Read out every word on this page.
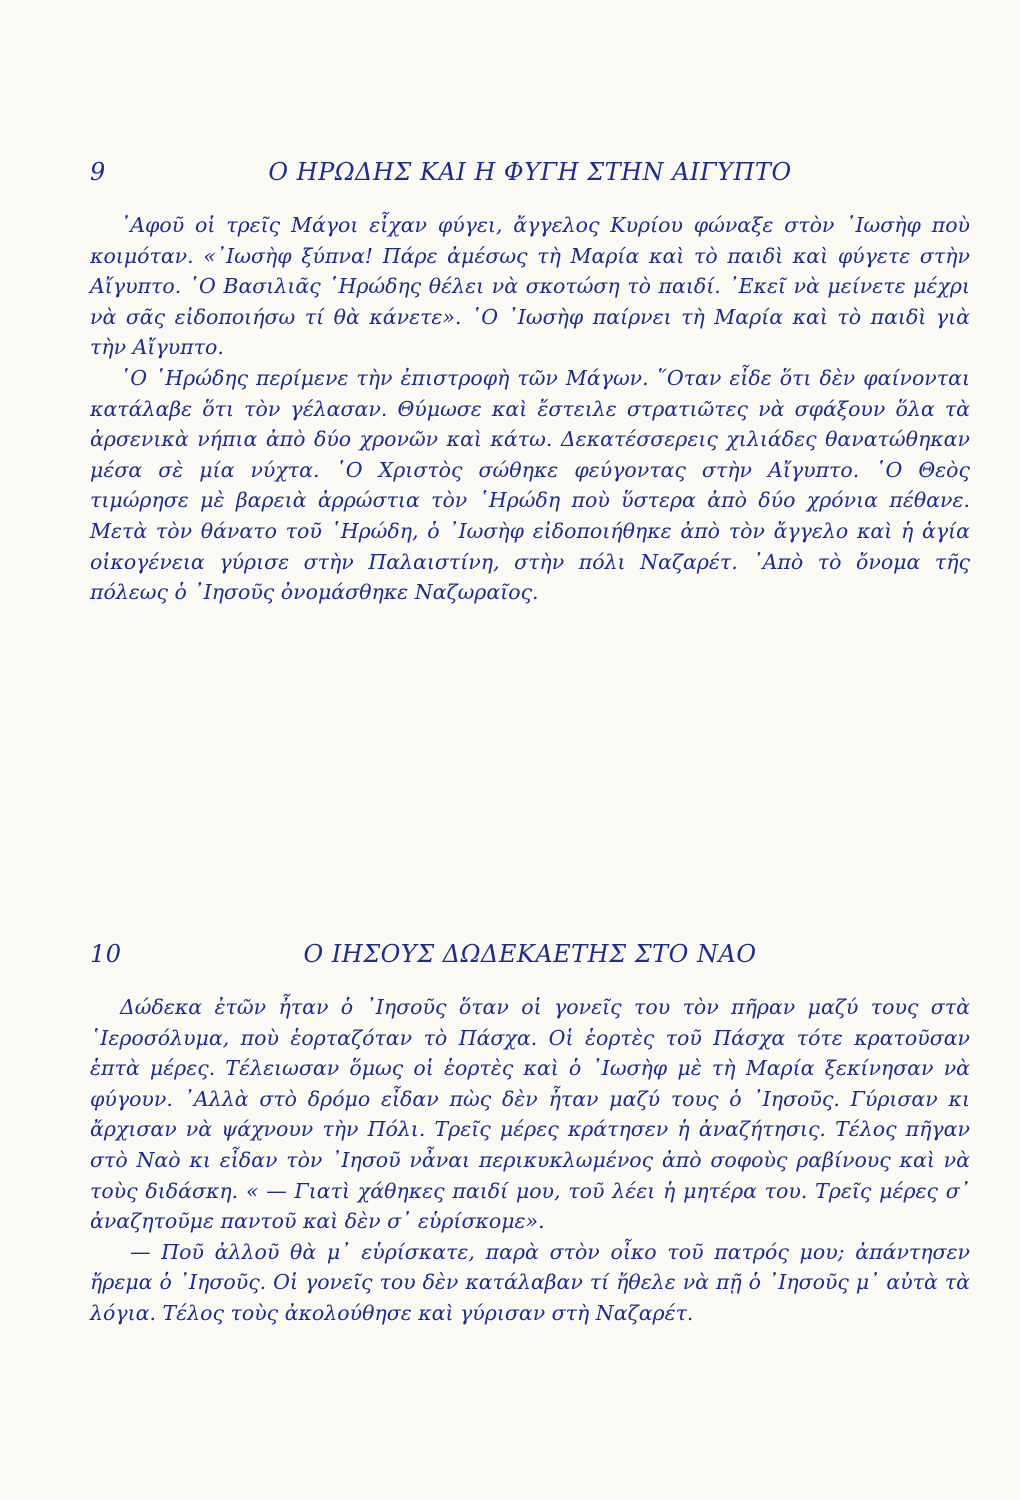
9	Ο ΗΡΩΔΗΣ ΚΑΙ Η ΦΥΓΗ ΣΤΗΝ ΑΙΓΥΠΤΟ

᾽Αφοῦ οἱ τρεῖς Μάγοι εἶχαν φύγει, ἄγγελος Κυρίου φώναξε στὸν ᾽Ιωσὴφ ποὺ κοιμόταν. «᾽Ιωσὴφ ξύπνα! Πάρε ἀμέσως τὴ Μαρία καὶ τὸ παιδὶ καὶ φύγετε στὴν Αἴγυπτο. ῾Ο Βασιλιᾶς ῾Ηρώδης θέλει νὰ σκοτώση τὸ παιδί. ᾽Εκεῖ νὰ μείνετε μέχρι νὰ σᾶς εἰδοποιήσω τί θὰ κάνετε». ῾Ο ᾽Ιωσὴφ παίρνει τὴ Μαρία καὶ τὸ παιδὶ γιὰ τὴν Αἴγυπτο.

῾Ο ῾Ηρώδης περίμενε τὴν ἐπιστροφὴ τῶν Μάγων. ῞Οταν εἶδε ὅτι δὲν φαίνονται κατάλαβε ὅτι τὸν γέλασαν. Θύμωσε καὶ ἔστειλε στρατιῶτες νὰ σφάξουν ὅλα τὰ ἀρσενικὰ νήπια ἀπὸ δύο χρονῶν καὶ κάτω. Δεκατέσσερεις χιλιάδες θανατώθηκαν μέσα σὲ μία νύχτα. ῾Ο Χριστὸς σώθηκε φεύγοντας στὴν Αἴγυπτο. ῾Ο Θεὸς τιμώρησε μὲ βαρειὰ ἀρρώστια τὸν ῾Ηρώδη ποὺ ὕστερα ἀπὸ δύο χρόνια πέθανε. Μετὰ τὸν θάνατο τοῦ ῾Ηρώδη, ὁ ᾽Ιωσὴφ εἰδοποιήθηκε ἀπὸ τὸν ἄγγελο καὶ ἡ ἁγία οἰκογένεια γύρισε στὴν Παλαιστίνη, στὴν πόλι Ναζαρέτ. ᾽Απὸ τὸ ὄνομα τῆς πόλεως ὁ ᾽Ιησοῦς ὀνομάσθηκε Ναζωραῖος.

10	Ο ΙΗΣΟΥΣ ΔΩΔΕΚΑΕΤΗΣ ΣΤΟ ΝΑΟ

Δώδεκα ἐτῶν ἦταν ὁ ᾽Ιησοῦς ὅταν οἱ γονεῖς του τὸν πῆραν μαζύ τους στὰ ῾Ιεροσόλυμα, ποὺ ἑορταζόταν τὸ Πάσχα. Οἱ ἑορτὲς τοῦ Πάσχα τότε κρατοῦσαν ἑπτὰ μέρες. Τέλειωσαν ὅμως οἱ ἑορτὲς καὶ ὁ ᾽Ιωσὴφ μὲ τὴ Μαρία ξεκίνησαν νὰ φύγουν. ᾽Αλλὰ στὸ δρόμο εἶδαν πὼς δὲν ἦταν μαζύ τους ὁ ᾽Ιησοῦς. Γύρισαν κι ἄρχισαν νὰ ψάχνουν τὴν Πόλι. Τρεῖς μέρες κράτησεν ἡ ἀναζήτησις. Τέλος πῆγαν στὸ Ναὸ κι εἶδαν τὸν ᾽Ιησοῦ νἆναι περικυκλωμένος ἀπὸ σοφοὺς ραβίνους καὶ νὰ τοὺς διδάσκη. « — Γιατὶ χάθηκες παιδί μου, τοῦ λέει ἡ μητέρα του. Τρεῖς μέρες σ᾽ ἀναζητοῦμε παντοῦ καὶ δὲν σ᾽ εὑρίσκομε».

— Ποῦ ἀλλοῦ θὰ μ᾽ εὑρίσκατε, παρὰ στὸν οἶκο τοῦ πατρός μου; ἀπάντησεν ἤρεμα ὁ ᾽Ιησοῦς. Οἱ γονεῖς του δὲν κατάλαβαν τί ἤθελε νὰ πῇ ὁ ᾽Ιησοῦς μ᾽ αὐτὰ τὰ λόγια. Τέλος τοὺς ἀκολούθησε καὶ γύρισαν στὴ Ναζαρέτ.
